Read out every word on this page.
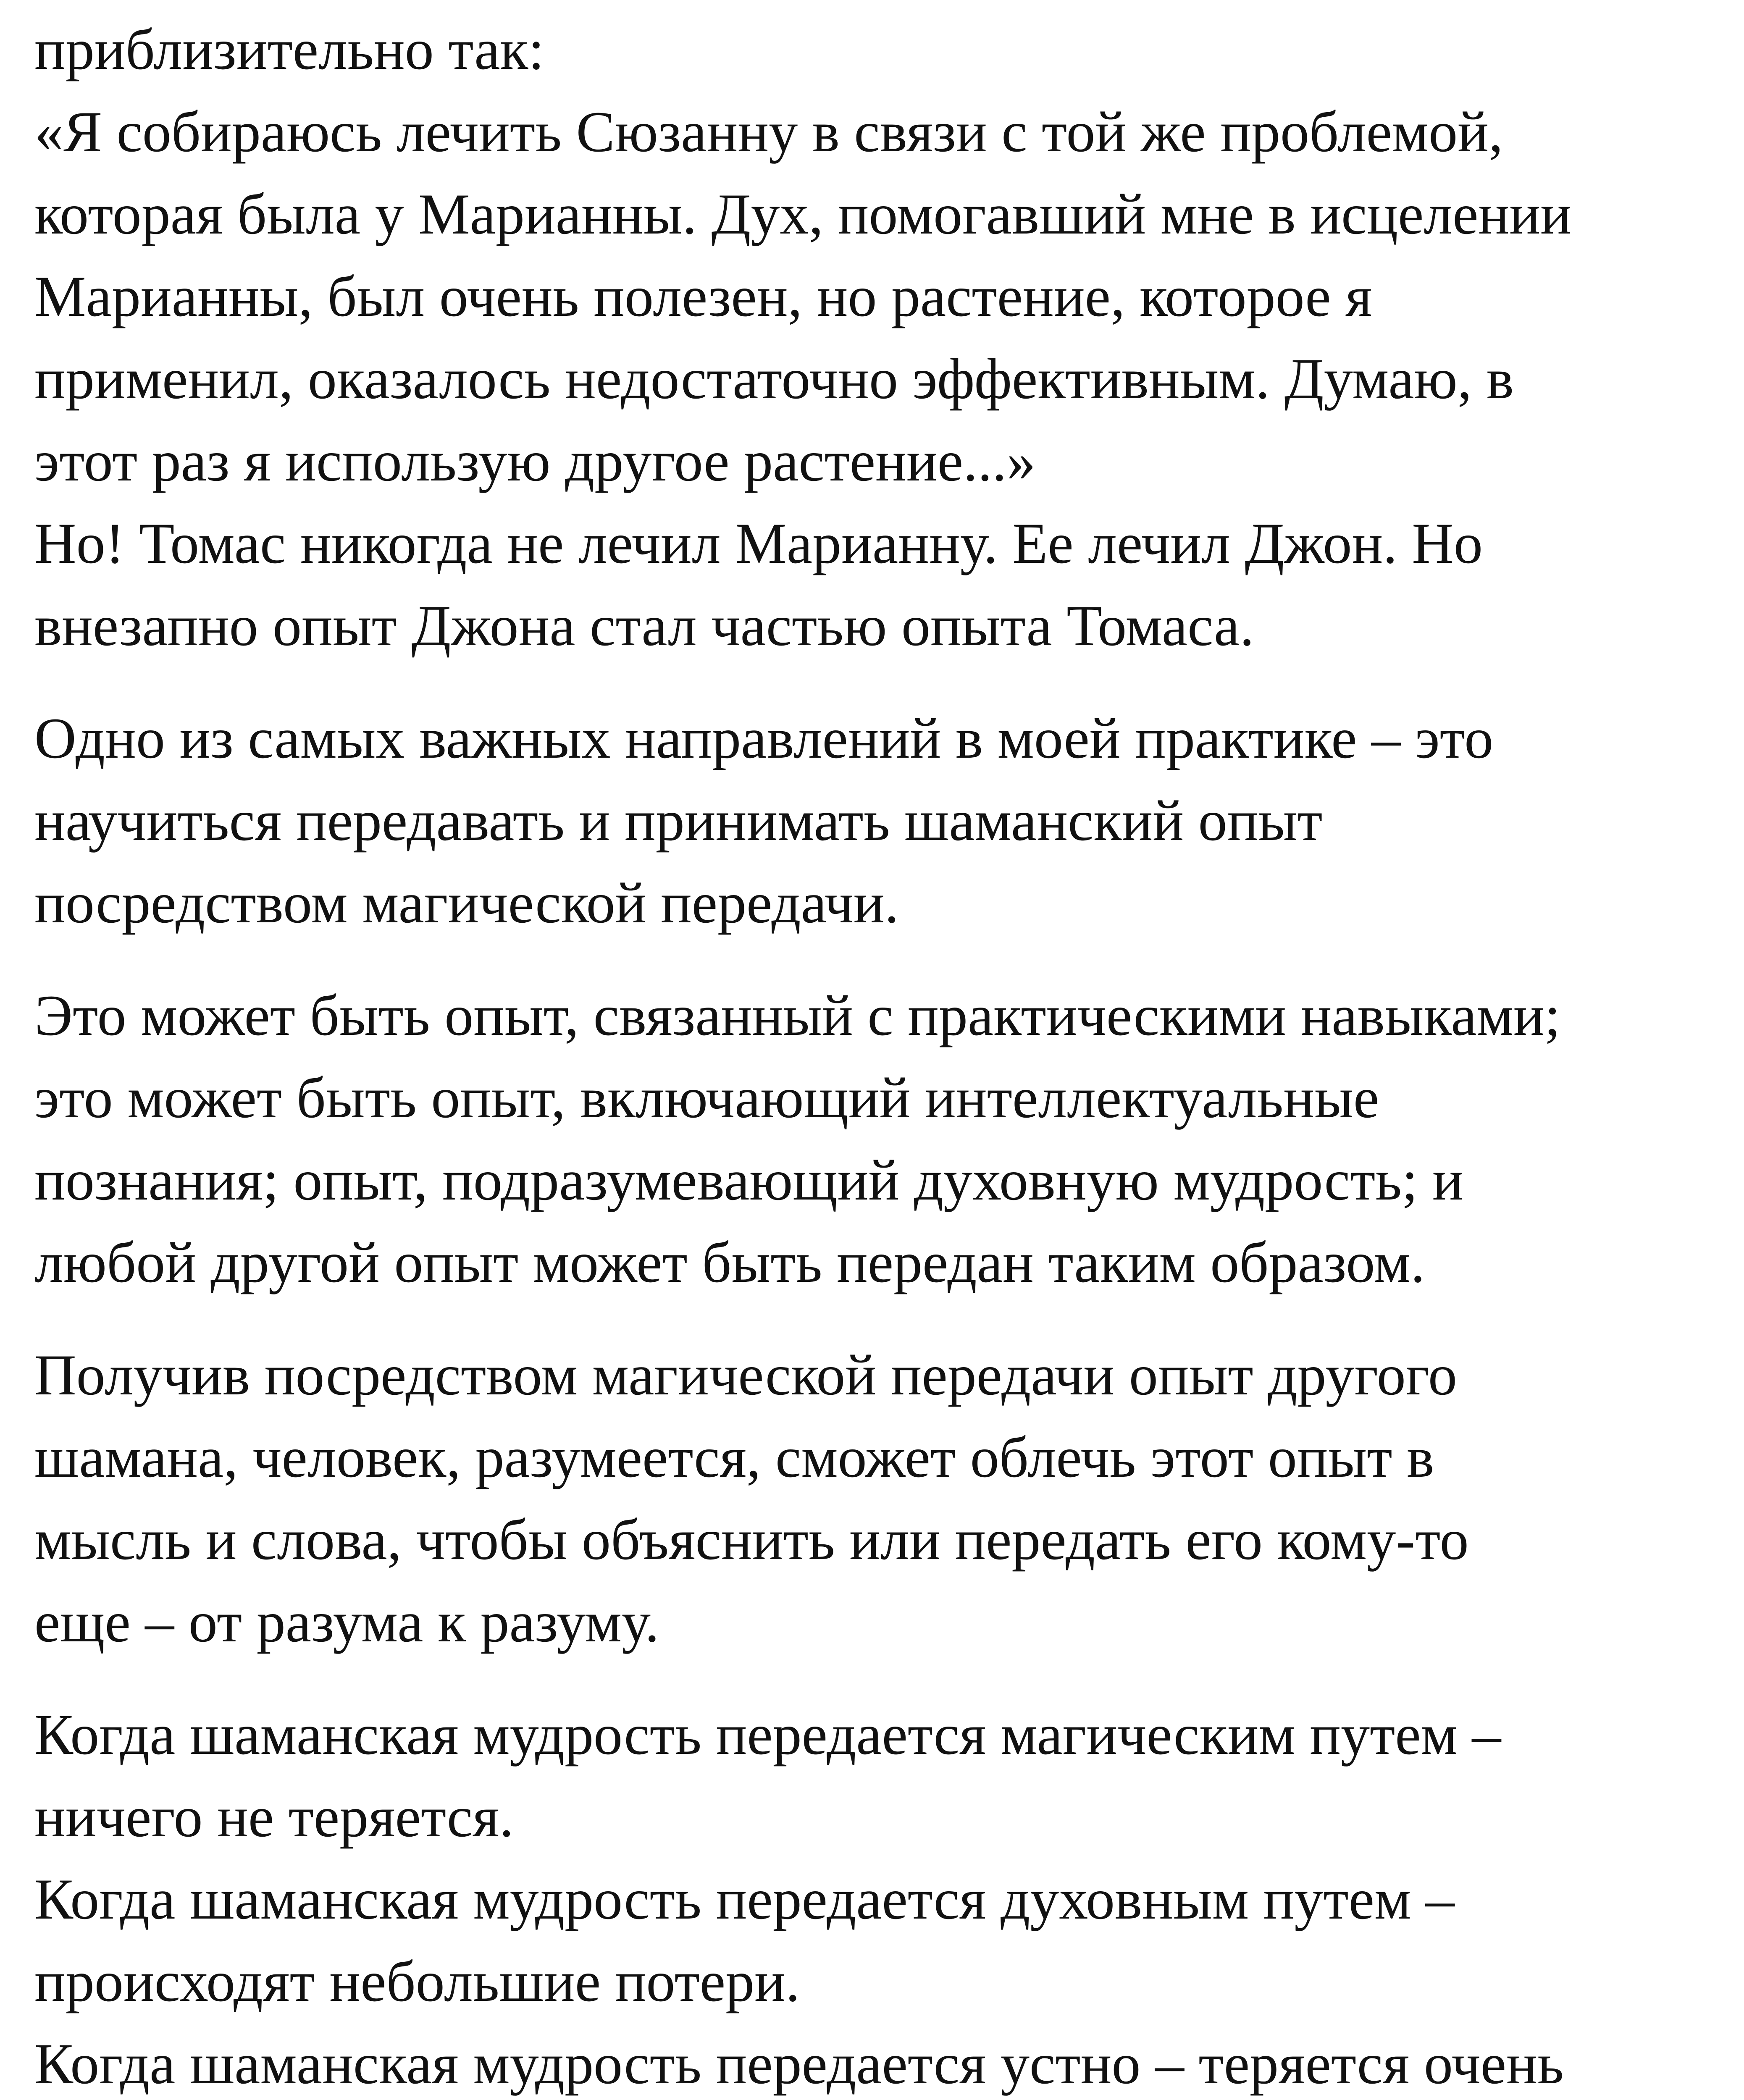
приблизительно так:
«Я собираюсь лечить Сюзанну в связи с той же проблемой,
которая была у Марианны. Дух, помогавший мне в исцелении
Марианны, был очень полезен, но растение, которое я
применил, оказалось недостаточно эффективным. Думаю, в
этот раз я использую другое растение...»
Но! Томас никогда не лечил Марианну. Ее лечил Джон. Но
внезапно опыт Джона стал частью опыта Томаса.
Одно из самых важных направлений в моей практике – это
научиться передавать и принимать шаманский опыт
посредством магической передачи.
Это может быть опыт, связанный с практическими навыками;
это может быть опыт, включающий интеллектуальные
познания; опыт, подразумевающий духовную мудрость; и
любой другой опыт может быть передан таким образом.
Получив посредством магической передачи опыт другого
шамана, человек, разумеется, сможет облечь этот опыт в
мысль и слова, чтобы объяснить или передать его кому-то
еще – от разума к разуму.
Когда шаманская мудрость передается магическим путем –
ничего не теряется.
Когда шаманская мудрость передается духовным путем –
происходят небольшие потери.
Когда шаманская мудрость передается устно – теряется очень
